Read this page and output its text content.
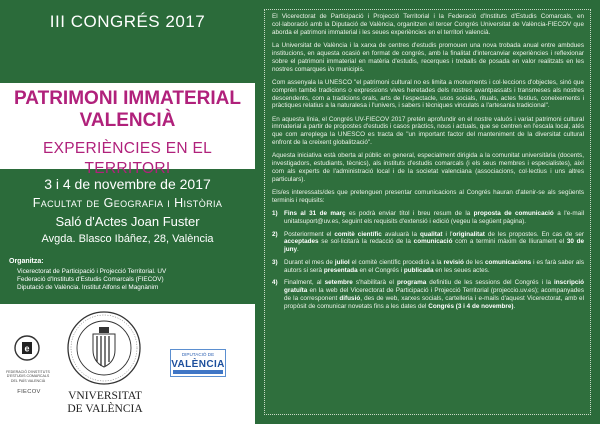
III CONGRÉS 2017
PATRIMONI IMMATERIAL
VALENCIÀ
EXPERIÈNCIES EN EL TERRITORI
3 i 4 de novembre de 2017
Facultat de Geografia i Història
Saló d'Actes Joan Fuster
Avgda. Blasco Ibáñez, 28, València
Organitza:
Vicerectorat de Participació i Projecció Territorial. UV
Federació d'Instituts d'Estudis Comarcals (FIECOV)
Diputació de València. Institut Alfons el Magnànim
e
FEDERACIÓ D'INSTITUTS D'ESTUDIS COMARCALS DEL PAÍS VALENCIÀ
FIECOV	VNIVERSITAT
DE VALÈNCIA
DIPUTACIÓ DE
VALÈNCIA

El Vicerectorat de Participació i Projecció Territorial i la Federació d'Instituts d'Estudis Comarcals, en col·laboració amb la Diputació de València, organitzen el tercer Congrés Universitat de València-FIECOV que aborda el patrimoni immaterial i les seues experiències en el territori valencià.

La Universitat de València i la xarxa de centres d'estudis promouen una nova trobada anual entre ambdues institucions, en aquesta ocasió en format de congrés, amb la finalitat d'intercanviar experiències i reflexionar sobre el patrimoni immaterial en matèria d'estudis, recerques i treballs de posada en valor realitzats en les nostres comarques i/o municipis.

Com assenyala la UNESCO "el patrimoni cultural no es limita a monuments i col·leccions d'objectes, sinó que comprén també tradicions o expressions vives heretades dels nostres avantpassats i transmeses als nostres descendents, com a tradicions orals, arts de l'espectacle, usos socials, rituals, actes festius, coneixements i pràctiques relatius a la naturalesa i l'univers, i sabers i tècniques vinculats a l'artesania tradicional".

En aquesta línia, el Congrés UV-FIECOV 2017 pretén aprofundir en el nostre valuós i variat patrimoni cultural immaterial a partir de propostes d'estudis i casos pràctics, nous i actuals, que se centren en l'escala local, atés que com arreplega la UNESCO es tracta de "un important factor del manteniment de la diversitat cultural enfront de la creixent globalització".

Aquesta iniciativa està oberta al públic en general, especialment dirigida a la comunitat universitària (docents, investigadors, estudiants, tècnics), als instituts d'estudis comarcals (i els seus membres i especialistes), així com als experts de l'administració local i de la societat valenciana (associacions, col·lectius i uns altres particulars).

Els/es interessats/des que pretenguen presentar comunicacions al Congrés hauran d'atenir-se als següents terminis i requisits:

1) Fins al 31 de març es podrà enviar títol i breu resum de la proposta de comunicació a l'e-mail unitatsuport@uv.es, seguint els requisits d'extensió i edició (vegeu la següent pàgina).
2) Posteriorment el comitè científic avaluarà la qualitat i l'originalitat de les propostes. En cas de ser acceptades se sol·licitarà la redacció de la comunicació com a termini màxim de lliurament el 30 de juny.
3) Durant el mes de juliol el comitè científic procedirà a la revisió de les comunicacions i es farà saber als autors si serà presentada en el Congrés i publicada en les seues actes.
4) Finalment, al setembre s'habilitarà el programa definitiu de les sessions del Congrés i la inscripció gratuïta en la web del Vicerectorat de Participació i Projecció Territorial (projeccio.uv.es); acompanyades de la corresponent difusió, des de web, xarxes socials, cartelleria i e-mails d'aquest Vicerectorat, amb el propòsit de comunicar novetats fins a les dates del Congrés (3 i 4 de novembre).
